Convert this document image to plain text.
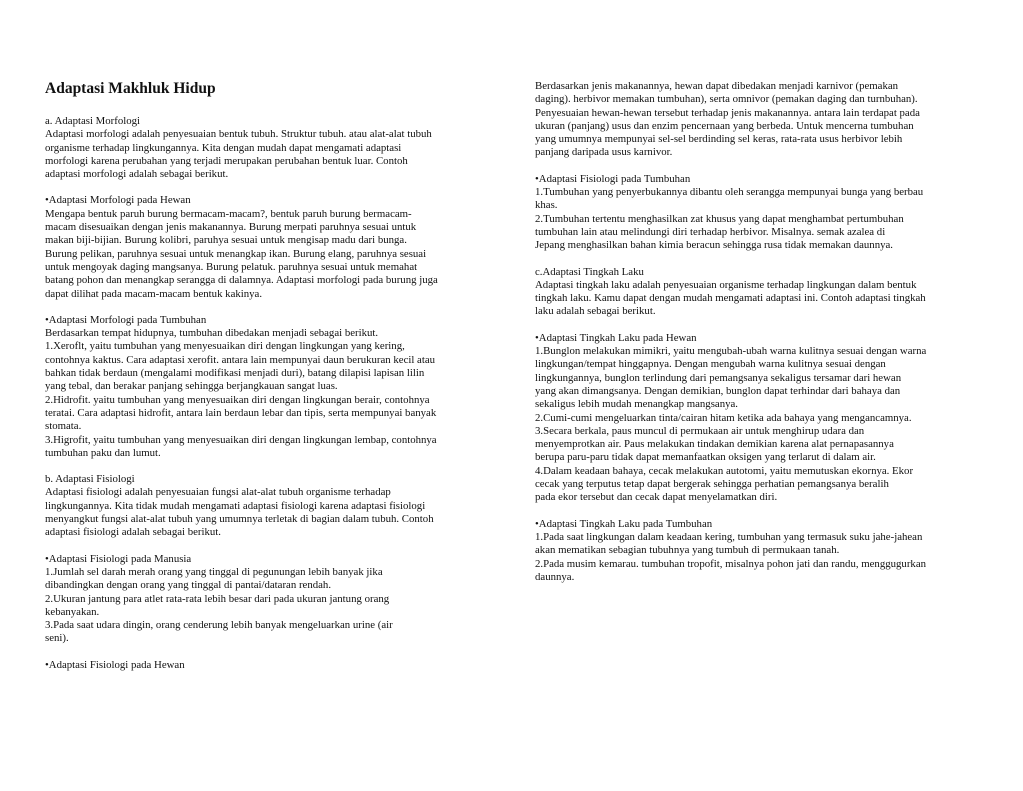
Adaptasi Makhluk Hidup
a. Adaptasi Morfologi
Adaptasi morfologi adalah penyesuaian bentuk tubuh. Struktur tubuh. atau alat-alat tubuh
organisme terhadap lingkungannya. Kita dengan mudah dapat mengamati adaptasi
morfologi karena perubahan yang terjadi merupakan perubahan bentuk luar. Contoh
adaptasi morfologi adalah sebagai berikut.
•Adaptasi Morfologi pada Hewan
Mengapa bentuk paruh burung bermacam-macam?, bentuk paruh burung bermacam-
macam disesuaikan dengan jenis makanannya. Burung merpati paruhnya sesuai untuk
makan biji-bijian. Burung kolibri, paruhya sesuai untuk mengisap madu dari bunga.
Burung pelikan, paruhnya sesuai untuk menangkap ikan. Burung elang, paruhnya sesuai
untuk mengoyak daging mangsanya. Burung pelatuk. paruhnya sesuai untuk memahat
batang pohon dan menangkap serangga di dalamnya. Adaptasi morfologi pada burung juga
dapat dilihat pada macam-macam bentuk kakinya.
•Adaptasi Morfologi pada Tumbuhan
Berdasarkan tempat hidupnya, tumbuhan dibedakan menjadi sebagai berikut.
1.Xeroflt, yaitu tumbuhan yang menyesuaikan diri dengan lingkungan yang kering,
contohnya kaktus. Cara adaptasi xerofit. antara lain mempunyai daun berukuran kecil atau
bahkan tidak berdaun (mengalami modifikasi menjadi duri), batang dilapisi lapisan lilin
yang tebal, dan berakar panjang sehingga berjangkauan sangat luas.
2.Hidrofit. yaitu tumbuhan yang menyesuaikan diri dengan lingkungan berair, contohnya
teratai. Cara adaptasi hidrofit, antara lain berdaun lebar dan tipis, serta mempunyai banyak
stomata.
3.Higrofit, yaitu tumbuhan yang menyesuaikan diri dengan lingkungan lembap, contohnya
tumbuhan paku dan lumut.
b. Adaptasi Fisiologi
Adaptasi fisiologi adalah penyesuaian fungsi alat-alat tubuh organisme terhadap
lingkungannya. Kita tidak mudah mengamati adaptasi fisiologi karena adaptasi fisiologi
menyangkut fungsi alat-alat tubuh yang umumnya terletak di bagian dalam tubuh. Contoh
adaptasi fisiologi adalah sebagai berikut.
•Adaptasi Fisiologi pada Manusia
1.Jumlah sel darah merah orang yang tinggal di pegunungan lebih banyak jika
dibandingkan dengan orang yang tinggal di pantai/dataran rendah.
2.Ukuran jantung para atlet rata-rata lebih besar dari pada ukuran jantung orang
kebanyakan.
3.Pada saat udara dingin, orang cenderung lebih banyak mengeluarkan urine (air
seni).
•Adaptasi Fisiologi pada Hewan
Berdasarkan jenis makanannya, hewan dapat dibedakan menjadi karnivor (pemakan
daging). herbivor memakan tumbuhan), serta omnivor (pemakan daging dan turnbuhan).
Penyesuaian hewan-hewan tersebut terhadap jenis makanannya. antara lain terdapat pada
ukuran (panjang) usus dan enzim pencernaan yang berbeda. Untuk mencerna tumbuhan
yang umumnya mempunyai sel-sel berdinding sel keras, rata-rata usus herbivor lebih
panjang daripada usus karnivor.
•Adaptasi Fisiologi pada Tumbuhan
1.Tumbuhan yang penyerbukannya dibantu oleh serangga mempunyai bunga yang berbau
khas.
2.Tumbuhan tertentu menghasilkan zat khusus yang dapat menghambat pertumbuhan
tumbuhan lain atau melindungi diri terhadap herbivor. Misalnya. semak azalea di
Jepang menghasilkan bahan kimia beracun sehingga rusa tidak memakan daunnya.
c.Adaptasi Tingkah Laku
Adaptasi tingkah laku adalah penyesuaian organisme terhadap lingkungan dalam bentuk
tingkah laku. Kamu dapat dengan mudah mengamati adaptasi ini. Contoh adaptasi tingkah
laku adalah sebagai berikut.
•Adaptasi Tingkah Laku pada Hewan
1.Bunglon melakukan mimikri, yaitu mengubah-ubah warna kulitnya sesuai dengan warna
lingkungan/tempat hinggapnya. Dengan mengubah warna kulitnya sesuai dengan
lingkungannya, bunglon terlindung dari pemangsanya sekaligus tersamar dari hewan
yang akan dimangsanya. Dengan demikian, bunglon dapat terhindar dari bahaya dan
sekaligus lebih mudah menangkap mangsanya.
2.Cumi-cumi mengeluarkan tinta/cairan hitam ketika ada bahaya yang mengancamnya.
3.Secara berkala, paus muncul di permukaan air untuk menghirup udara dan
menyemprotkan air. Paus melakukan tindakan demikian karena alat pernapasannya
berupa paru-paru tidak dapat memanfaatkan oksigen yang terlarut di dalam air.
4.Dalam keadaan bahaya, cecak melakukan autotomi, yaitu memutuskan ekornya. Ekor
cecak yang terputus tetap dapat bergerak sehingga perhatian pemangsanya beralih
pada ekor tersebut dan cecak dapat menyelamatkan diri.
•Adaptasi Tingkah Laku pada Tumbuhan
1.Pada saat lingkungan dalam keadaan kering, tumbuhan yang termasuk suku jahe-jahean
akan mematikan sebagian tubuhnya yang tumbuh di permukaan tanah.
2.Pada musim kemarau. tumbuhan tropofit, misalnya pohon jati dan randu, menggugurkan
daunnya.
